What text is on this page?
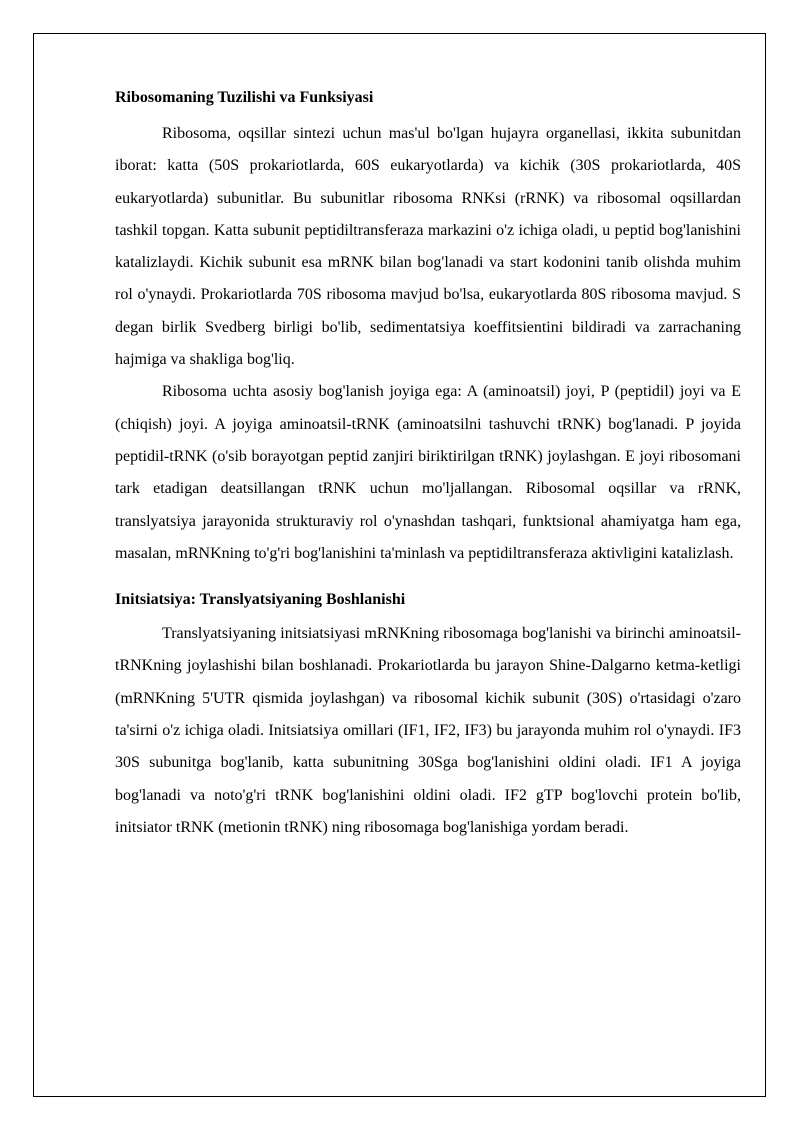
Ribosomaning Tuzilishi va Funksiyasi

Ribosoma, oqsillar sintezi uchun mas'ul bo'lgan hujayra organellasi, ikkita subunitdan iborat: katta (50S prokariotlarda, 60S eukaryotlarda) va kichik (30S prokariotlarda, 40S eukaryotlarda) subunitlar. Bu subunitlar ribosoma RNKsi (rRNK) va ribosomal oqsillardan tashkil topgan. Katta subunit peptidiltransferaza markazini o'z ichiga oladi, u peptid bog'lanishini katalizlaydi. Kichik subunit esa mRNK bilan bog'lanadi va start kodonini tanib olishda muhim rol o'ynaydi. Prokariotlarda 70S ribosoma mavjud bo'lsa, eukaryotlarda 80S ribosoma mavjud. S degan birlik Svedberg birligi bo'lib, sedimentatsiya koeffitsientini bildiradi va zarrachaning hajmiga va shakliga bog'liq.

Ribosoma uchta asosiy bog'lanish joyiga ega: A (aminoatsil) joyi, P (peptidil) joyi va E (chiqish) joyi. A joyiga aminoatsil-tRNK (aminoatsilni tashuvchi tRNK) bog'lanadi. P joyida peptidil-tRNK (o'sib borayotgan peptid zanjiri biriktirilgan tRNK) joylashgan. E joyi ribosomani tark etadigan deatsillangan tRNK uchun mo'ljallangan. Ribosomal oqsillar va rRNK, translyatsiya jarayonida strukturaviy rol o'ynashdan tashqari, funktsional ahamiyatga ham ega, masalan, mRNKning to'g'ri bog'lanishini ta'minlash va peptidiltransferaza aktivligini katalizlash.

Initsiatsiya: Translyatsiyaning Boshlanishi

Translyatsiyaning initsiatsiyasi mRNKning ribosomaga bog'lanishi va birinchi aminoatsil-tRNKning joylashishi bilan boshlanadi. Prokariotlarda bu jarayon Shine-Dalgarno ketma-ketligi (mRNKning 5'UTR qismida joylashgan) va ribosomal kichik subunit (30S) o'rtasidagi o'zaro ta'sirni o'z ichiga oladi. Initsiatsiya omillari (IF1, IF2, IF3) bu jarayonda muhim rol o'ynaydi. IF3 30S subunitga bog'lanib, katta subunitning 30Sga bog'lanishini oldini oladi. IF1 A joyiga bog'lanadi va noto'g'ri tRNK bog'lanishini oldini oladi. IF2 gTP bog'lovchi protein bo'lib, initsiator tRNK (metionin tRNK) ning ribosomaga bog'lanishiga yordam beradi.
